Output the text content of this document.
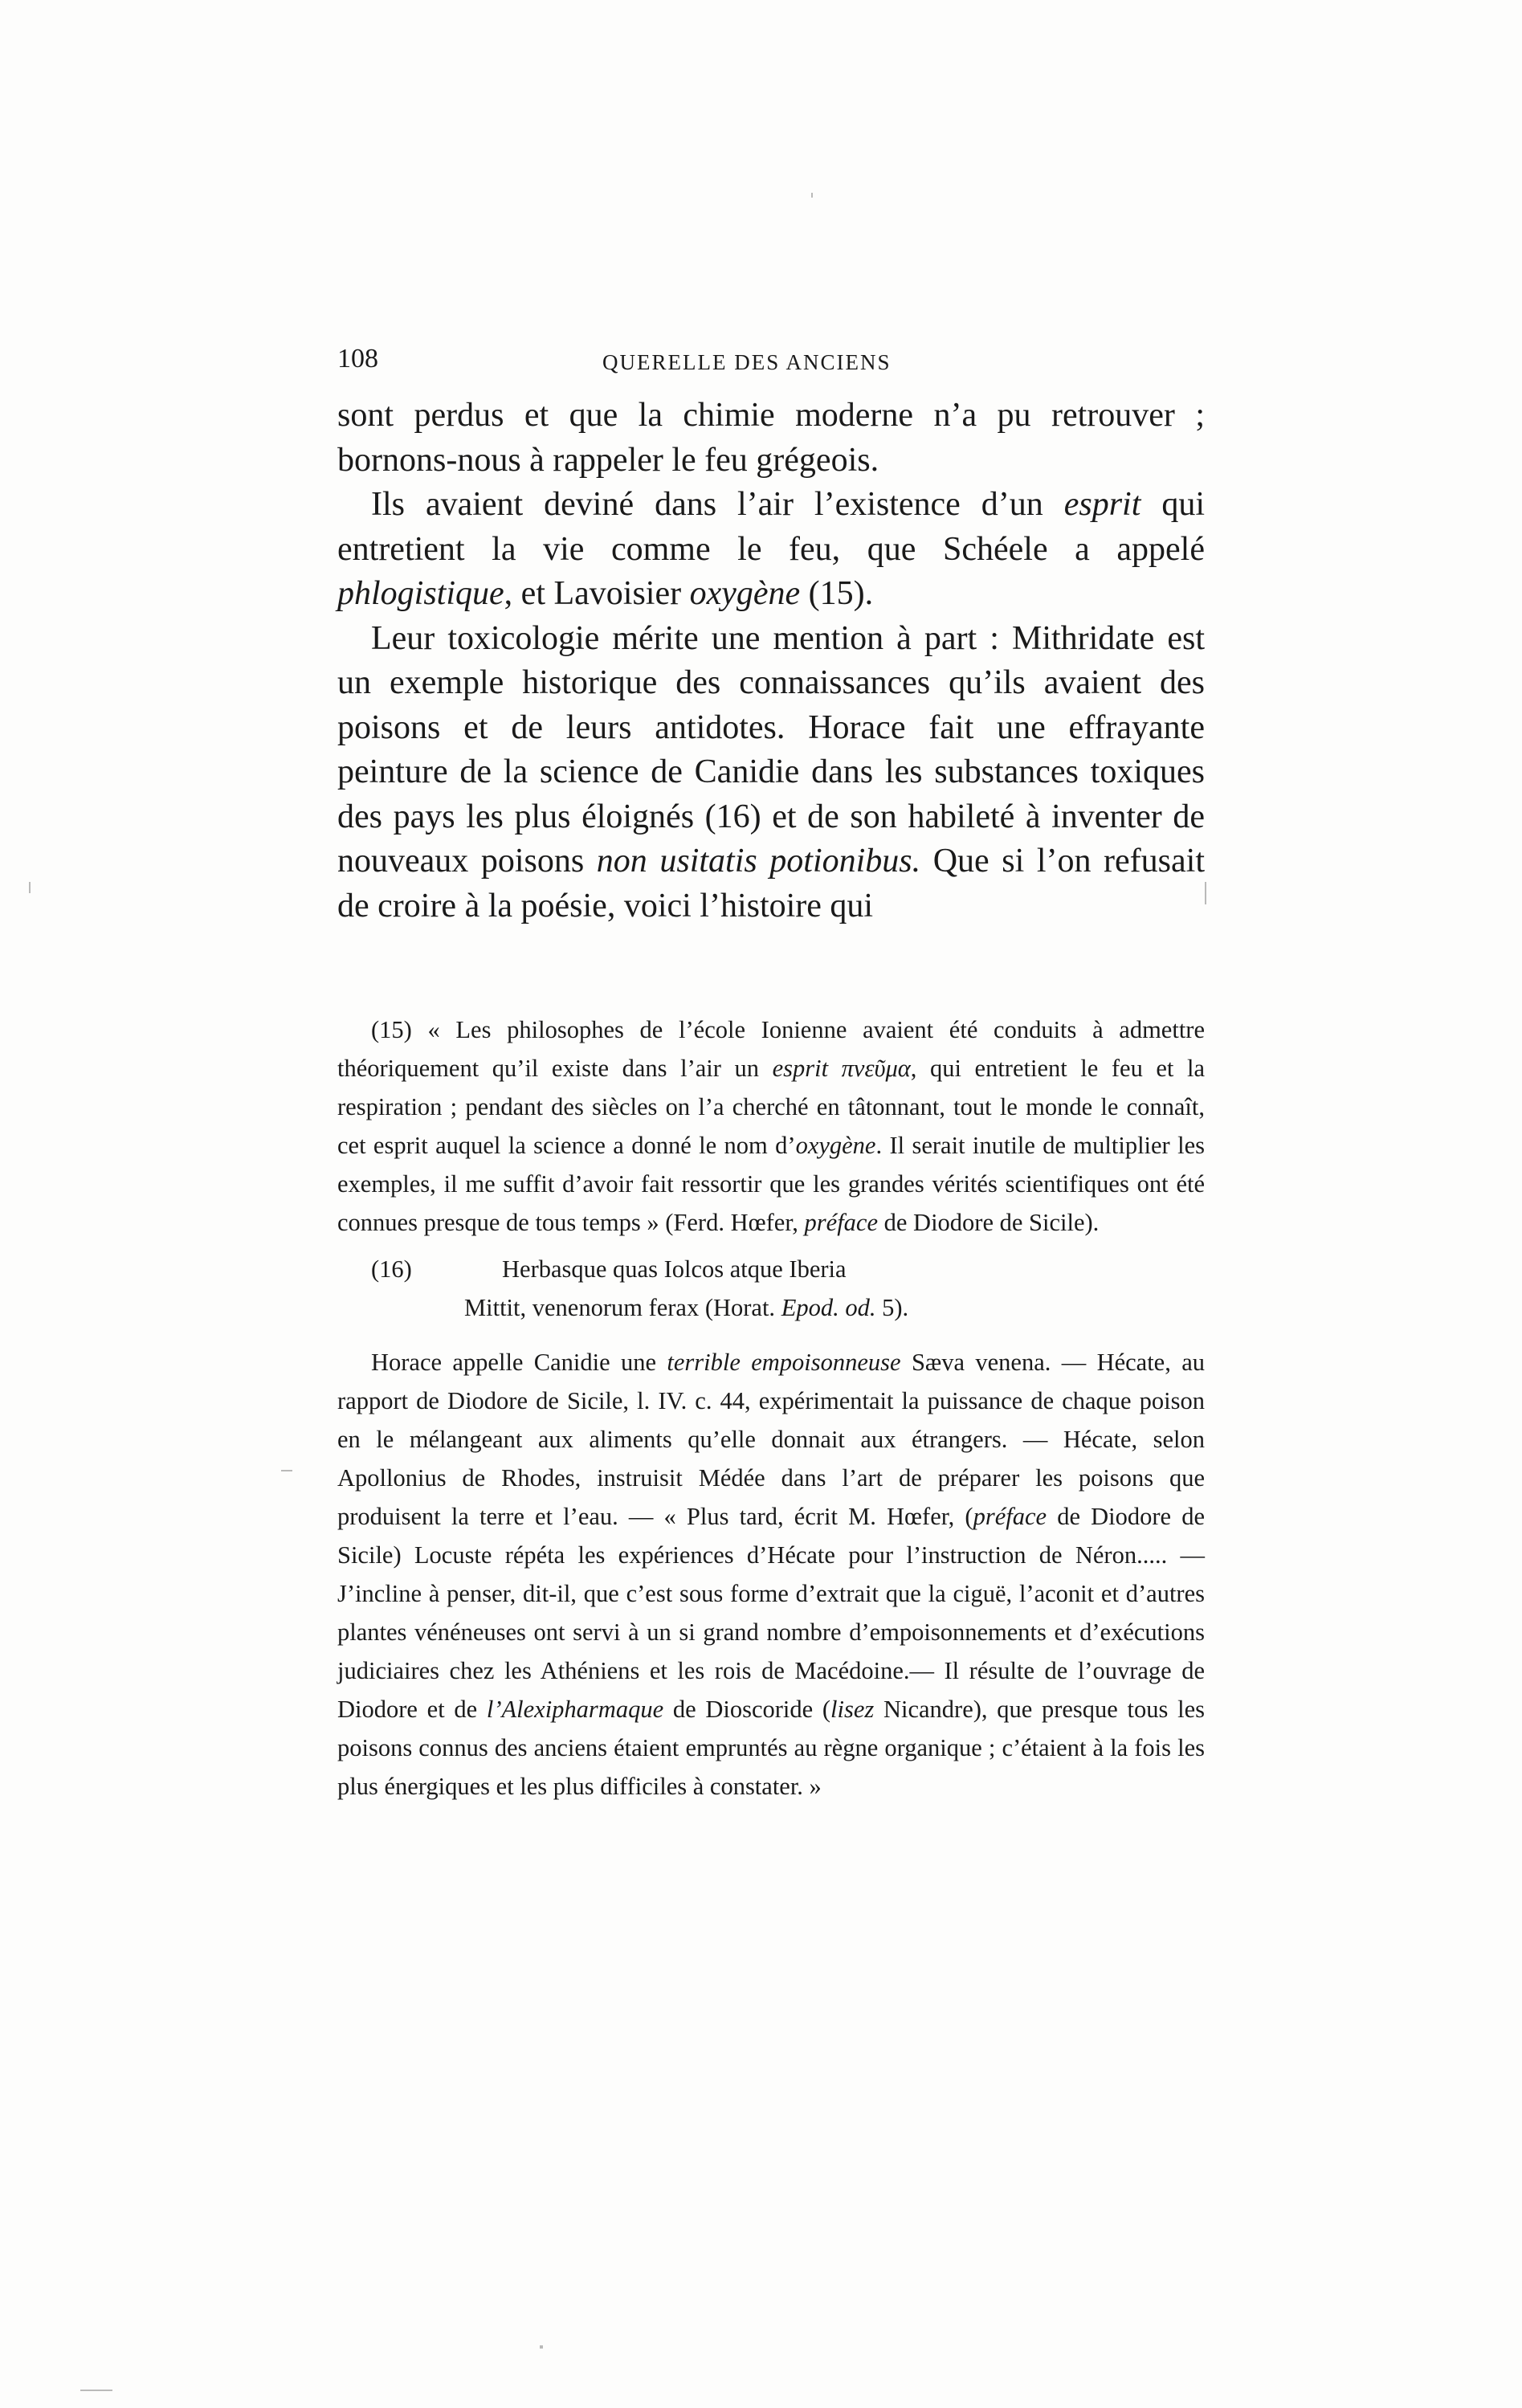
108	QUERELLE DES ANCIENS

sont perdus et que la chimie moderne n’a pu retrouver ; bornons-nous à rappeler le feu grégeois.

Ils avaient deviné dans l’air l’existence d’un esprit qui entretient la vie comme le feu, que Schéele a appelé phlogistique, et Lavoisier oxygène (15).

Leur toxicologie mérite une mention à part : Mithridate est un exemple historique des connaissances qu’ils avaient des poisons et de leurs antidotes. Horace fait une effrayante peinture de la science de Canidie dans les substances toxiques des pays les plus éloignés (16) et de son habileté à inventer de nouveaux poisons non usitatis potionibus. Que si l’on refusait de croire à la poésie, voici l’histoire qui

(15) « Les philosophes de l’école Ionienne avaient été conduits à admettre théoriquement qu’il existe dans l’air un esprit πνεῦμα, qui entretient le feu et la respiration ; pendant des siècles on l’a cherché en tâtonnant, tout le monde le connaît, cet esprit auquel la science a donné le nom d’oxygène. Il serait inutile de multiplier les exemples, il me suffit d’avoir fait ressortir que les grandes vérités scientifiques ont été connues presque de tous temps » (Ferd. Hœfer, préface de Diodore de Sicile).

(16)	Herbasque quas Iolcos atque Iberia
Mittit, venenorum ferax (Horat. Epod. od. 5).

Horace appelle Canidie une terrible empoisonneuse Sæva venena. — Hécate, au rapport de Diodore de Sicile, l. IV. c. 44, expérimentait la puissance de chaque poison en le mélangeant aux aliments qu’elle donnait aux étrangers. — Hécate, selon Apollonius de Rhodes, instruisit Médée dans l’art de préparer les poisons que produisent la terre et l’eau. — « Plus tard, écrit M. Hœfer, (préface de Diodore de Sicile) Locuste répéta les expériences d’Hécate pour l’instruction de Néron..... — J’incline à penser, dit-il, que c’est sous forme d’extrait que la ciguë, l’aconit et d’autres plantes vénéneuses ont servi à un si grand nombre d’empoisonnements et d’exécutions judiciaires chez les Athéniens et les rois de Macédoine.— Il résulte de l’ouvrage de Diodore et de l’Alexipharmaque de Dioscoride (lisez Nicandre), que presque tous les poisons connus des anciens étaient empruntés au règne organique ; c’étaient à la fois les plus énergiques et les plus difficiles à constater. »
